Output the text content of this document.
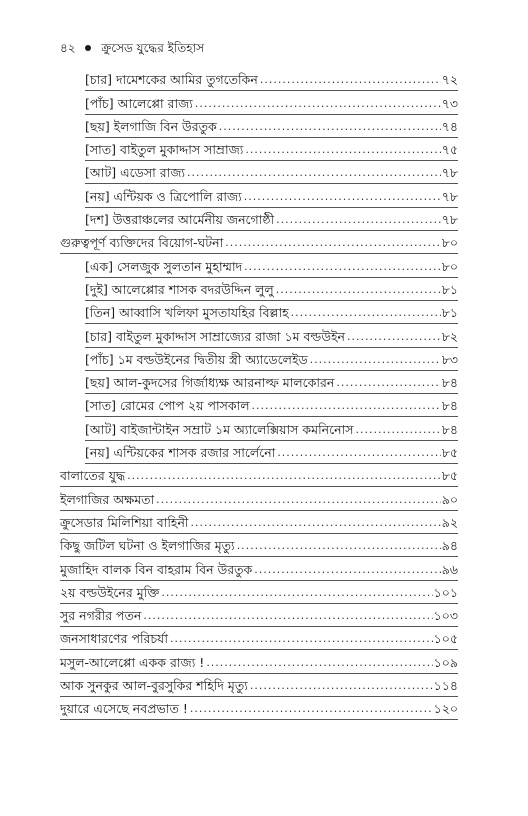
৪২ ক্রুসেড যুদ্ধের ইতিহাস
[চার] দামেশকের আমির তুগতেকিন .....	৭২
[পাঁচ] আলেপ্পো রাজ্য .....	৭৩
[ছয়] ইলগাজি বিন উরতুক .....	৭৪
[সাত] বাইতুল মুকাদ্দাস সাম্রাজ্য .....	৭৫
[আট] এডেসা রাজ্য .....	৭৮
[নয়] এন্টিয়ক ও ত্রিপোলি রাজ্য .....	৭৮
[দশ] উত্তরাঞ্চলের আর্মেনীয় জনগোষ্ঠী .....	৭৮
গুরুত্বপূর্ণ ব্যক্তিদের বিয়োগ-ঘটনা .....	৮০
[এক] সেলজুক সুলতান মুহাম্মাদ .....	৮০
[দুই] আলেপ্পোর শাসক বদরউদ্দিন লুলু .....	৮১
[তিন] আব্বাসি খলিফা মুসতাযহির বিল্লাহ .....	৮১
[চার] বাইতুল মুকাদ্দাস সাম্রাজ্যের রাজা ১ম বল্ডউইন .....	৮২
[পাঁচ] ১ম বল্ডউইনের দ্বিতীয় স্ত্রী অ্যাডেলেইড .....	৮৩
[ছয়] আল-কুদসের গির্জাধ্যক্ষ আরনাল্ফ মালকোরন .....	৮৪
[সাত] রোমের পোপ ২য় পাসকাল .....	৮৪
[আট] বাইজান্টাইন সম্রাট ১ম অ্যালেক্সিয়াস কমনিনোস .....	৮৪
[নয়] এন্টিয়কের শাসক রজার সার্লেনো .....	৮৫
বালাতের যুদ্ধ .....	৮৫
ইলগাজির অক্ষমতা .....	৯০
ক্রুসেডার মিলিশিয়া বাহিনী .....	৯২
কিছু জটিল ঘটনা ও ইলগাজির মৃত্যু .....	৯৪
মুজাহিদ বালক বিন বাহরাম বিন উরতুক .....	৯৬
২য় বল্ডউইনের মুক্তি .....	১০১
সুর নগরীর পতন .....	১০৩
জনসাধারণের পরিচর্যা .....	১০৫
মসুল-আলেপ্পো একক রাজ্য ! .....	১০৯
আক সুনকুর আল-বুরসুকির শহিদি মৃত্যু .....	১১৪
দুয়ারে এসেছে নবপ্রভাত ! .....	১২০
